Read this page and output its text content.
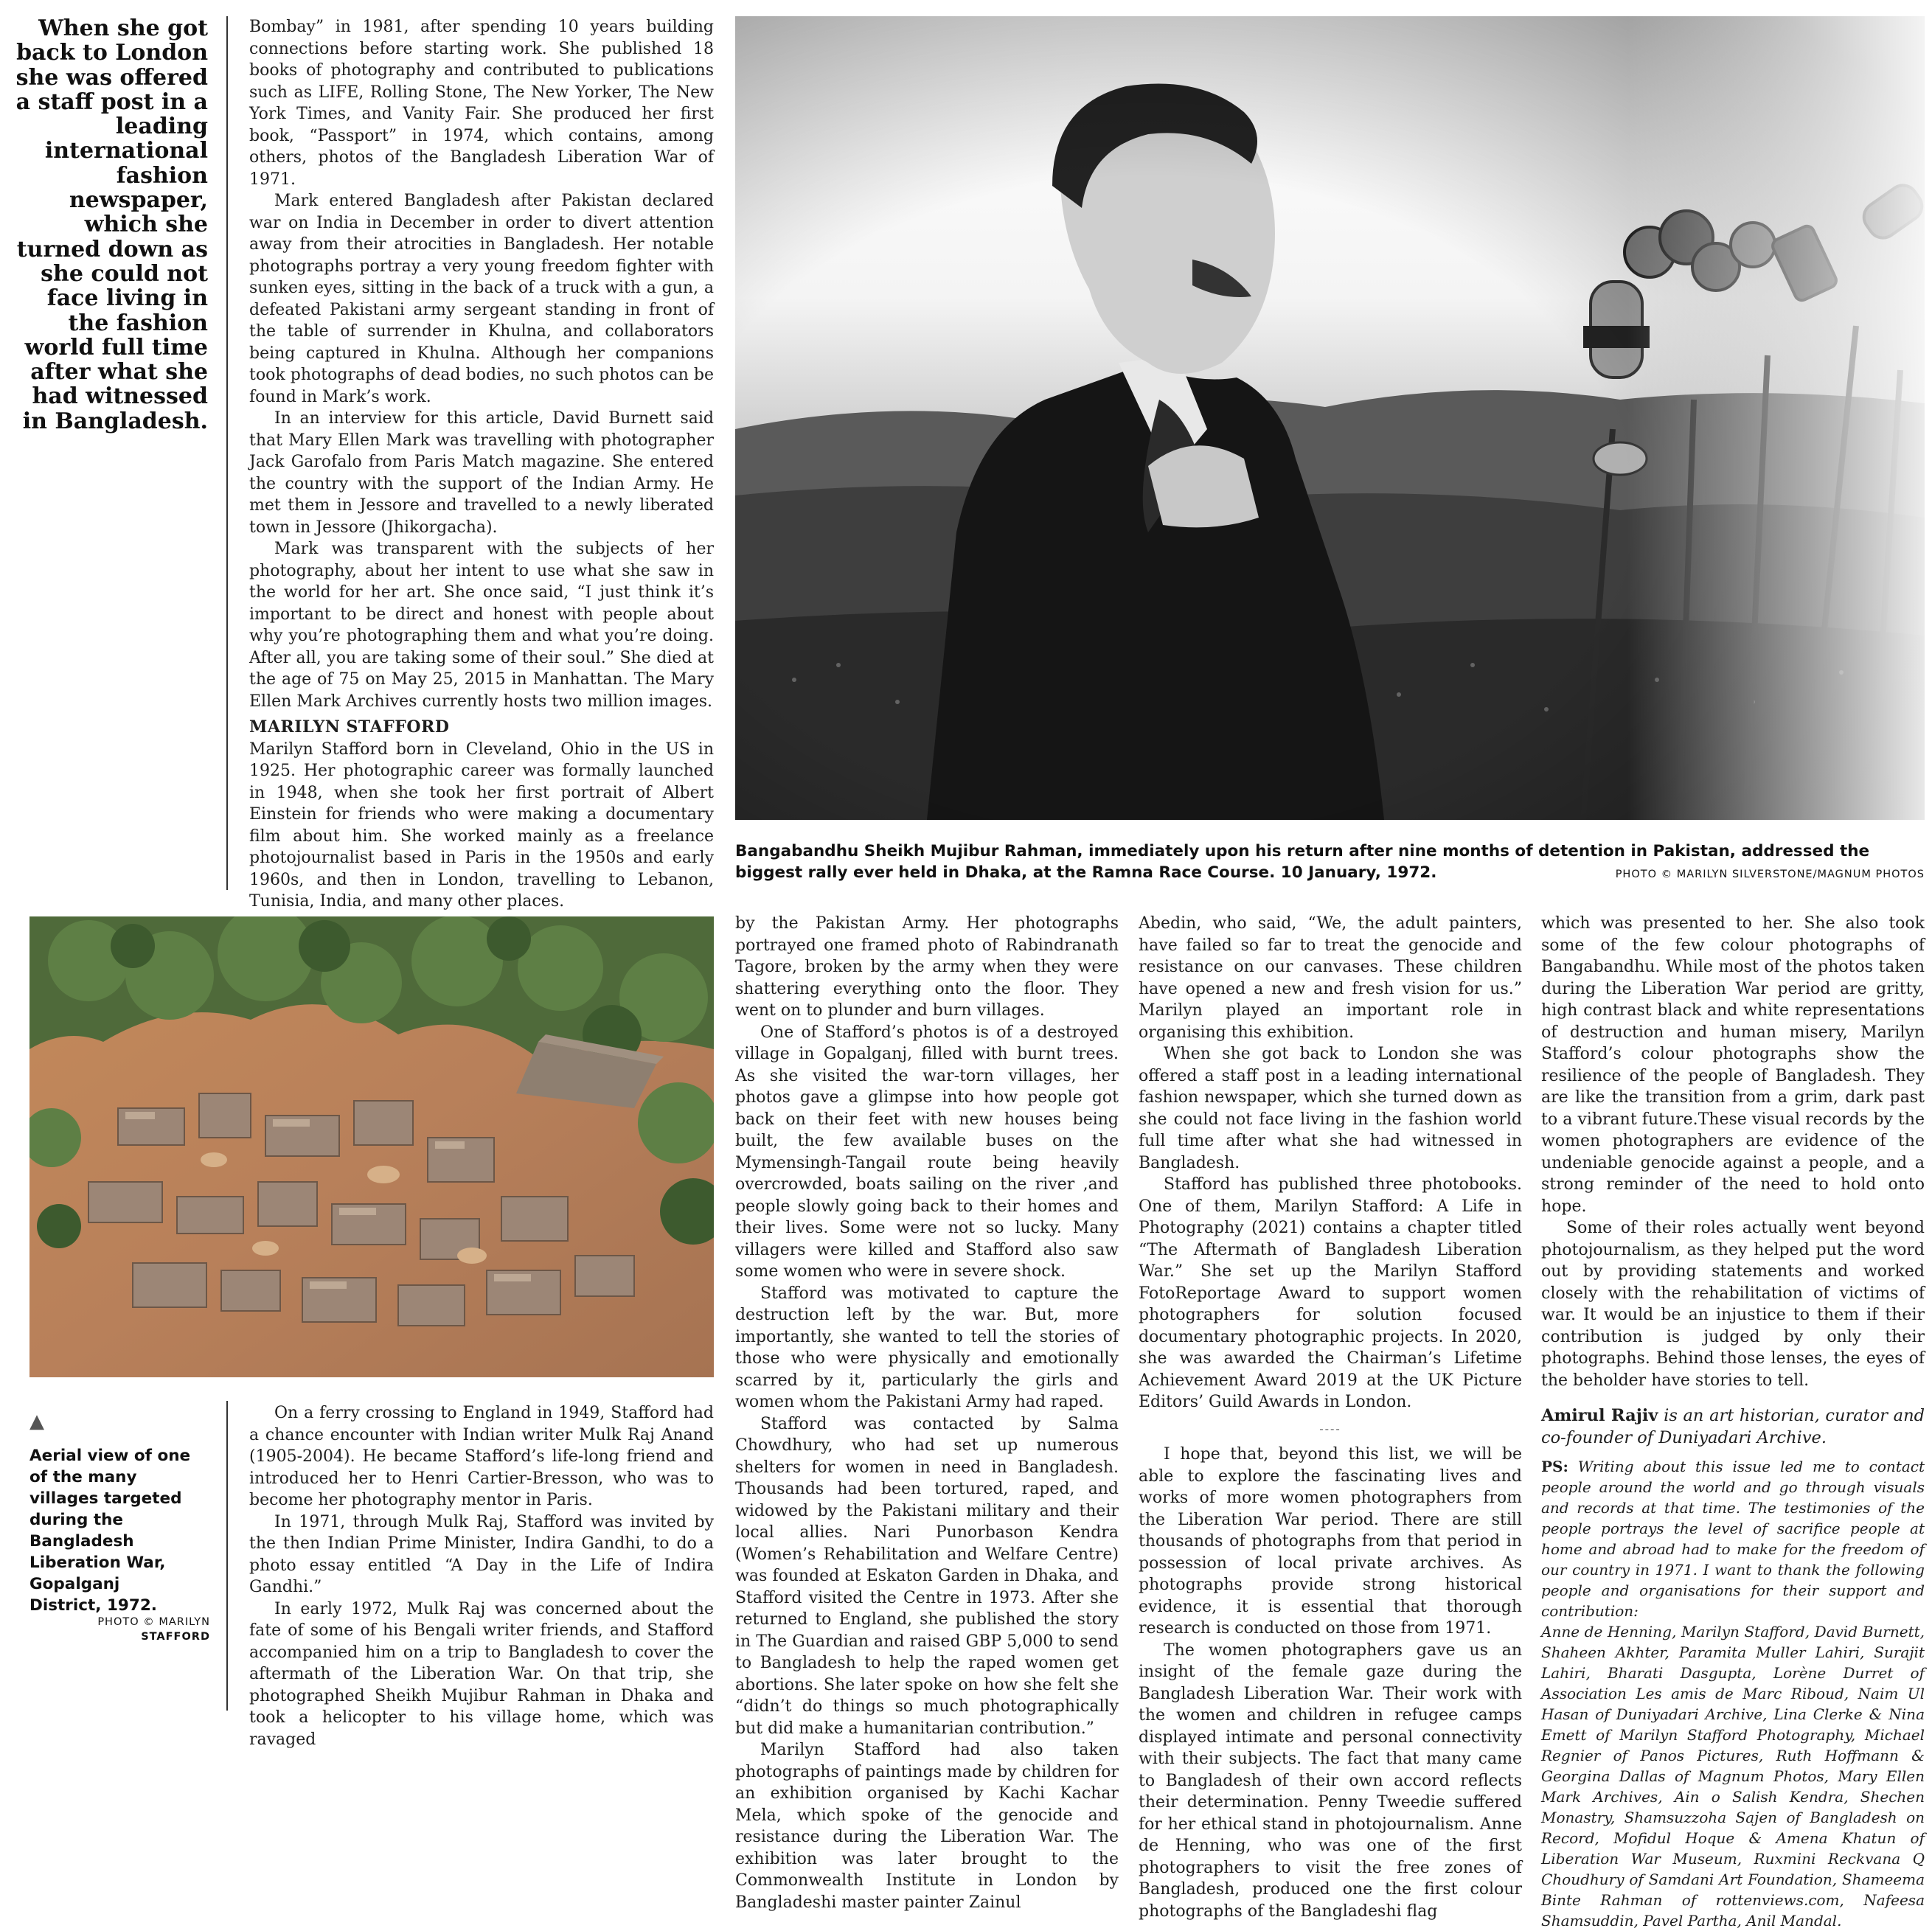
When she got back to London she was offered a staff post in a leading international fashion newspaper, which she turned down as she could not face living in the fashion world full time after what she had witnessed in Bangladesh.

Bombay” in 1981, after spending 10 years building connections before starting work. She published 18 books of photography and contributed to publications such as LIFE, Rolling Stone, The New Yorker, The New York Times, and Vanity Fair. She produced her first book, “Passport” in 1974, which contains, among others, photos of the Bangladesh Liberation War of 1971.

Mark entered Bangladesh after Pakistan declared war on India in December in order to divert attention away from their atrocities in Bangladesh. Her notable photographs portray a very young freedom fighter with sunken eyes, sitting in the back of a truck with a gun, a defeated Pakistani army sergeant standing in front of the table of surrender in Khulna, and collaborators being captured in Khulna. Although her companions took photographs of dead bodies, no such photos can be found in Mark’s work.

In an interview for this article, David Burnett said that Mary Ellen Mark was travelling with photographer Jack Garofalo from Paris Match magazine. She entered the country with the support of the Indian Army. He met them in Jessore and travelled to a newly liberated town in Jessore (Jhikorgacha).

Mark was transparent with the subjects of her photography, about her intent to use what she saw in the world for her art. She once said, “I just think it’s important to be direct and honest with people about why you’re photographing them and what you’re doing. After all, you are taking some of their soul.” She died at the age of 75 on May 25, 2015 in Manhattan. The Mary Ellen Mark Archives currently hosts two million images.

MARILYN STAFFORD

Marilyn Stafford born in Cleveland, Ohio in the US in 1925. Her photographic career was formally launched in 1948, when she took her first portrait of Albert Einstein for friends who were making a documentary film about him. She worked mainly as a freelance photojournalist based in Paris in the 1950s and early 1960s, and then in London, travelling to Lebanon, Tunisia, India, and many other places.

Bangabandhu Sheikh Mujibur Rahman, immediately upon his return after nine months of detention in Pakistan, addressed the biggest rally ever held in Dhaka, at the Ramna Race Course. 10 January, 1972.	PHOTO © MARILYN SILVERSTONE/MAGNUM PHOTOS
▲
Aerial view of one of the many villages targeted during the Bangladesh Liberation War, Gopalganj District, 1972.
PHOTO © MARILYN
STAFFORD

On a ferry crossing to England in 1949, Stafford had a chance encounter with Indian writer Mulk Raj Anand (1905-2004). He became Stafford’s life-long friend and introduced her to Henri Cartier-Bresson, who was to become her photography mentor in Paris.

In 1971, through Mulk Raj, Stafford was invited by the then Indian Prime Minister, Indira Gandhi, to do a photo essay entitled “A Day in the Life of Indira Gandhi.”

In early 1972, Mulk Raj was concerned about the fate of some of his Bengali writer friends, and Stafford accompanied him on a trip to Bangladesh to cover the aftermath of the Liberation War. On that trip, she photographed Sheikh Mujibur Rahman in Dhaka and took a helicopter to his village home, which was ravaged

by the Pakistan Army. Her photographs portrayed one framed photo of Rabindranath Tagore, broken by the army when they were shattering everything onto the floor. They went on to plunder and burn villages.

One of Stafford’s photos is of a destroyed village in Gopalganj, filled with burnt trees. As she visited the war-torn villages, her photos gave a glimpse into how people got back on their feet with new houses being built, the few available buses on the Mymensingh-Tangail route being heavily overcrowded, boats sailing on the river ,and people slowly going back to their homes and their lives. Some were not so lucky. Many villagers were killed and Stafford also saw some women who were in severe shock.

Stafford was motivated to capture the destruction left by the war. But, more importantly, she wanted to tell the stories of those who were physically and emotionally scarred by it, particularly the girls and women whom the Pakistani Army had raped.

Stafford was contacted by Salma Chowdhury, who had set up numerous shelters for women in need in Bangladesh. Thousands had been tortured, raped, and widowed by the Pakistani military and their local allies. Nari Punorbason Kendra (Women’s Rehabilitation and Welfare Centre) was founded at Eskaton Garden in Dhaka, and Stafford visited the Centre in 1973. After she returned to England, she published the story in The Guardian and raised GBP 5,000 to send to Bangladesh to help the raped women get abortions. She later spoke on how she felt she “didn’t do things so much photographically but did make a humanitarian contribution.”

Marilyn Stafford had also taken photographs of paintings made by children for an exhibition organised by Kachi Kachar Mela, which spoke of the genocide and resistance during the Liberation War. The exhibition was later brought to the Commonwealth Institute in London by Bangladeshi master painter Zainul

Abedin, who said, “We, the adult painters, have failed so far to treat the genocide and resistance on our canvases. These children have opened a new and fresh vision for us.” Marilyn played an important role in organising this exhibition.

When she got back to London she was offered a staff post in a leading international fashion newspaper, which she turned down as she could not face living in the fashion world full time after what she had witnessed in Bangladesh.

Stafford has published three photobooks. One of them, Marilyn Stafford: A Life in Photography (2021) contains a chapter titled “The Aftermath of Bangladesh Liberation War.” She set up the Marilyn Stafford FotoReportage Award to support women photographers for solution focused documentary photographic projects. In 2020, she was awarded the Chairman’s Lifetime Achievement Award 2019 at the UK Picture Editors’ Guild Awards in London.

----

I hope that, beyond this list, we will be able to explore the fascinating lives and works of more women photographers from the Liberation War period. There are still thousands of photographs from that period in possession of local private archives. As photographs provide strong historical evidence, it is essential that thorough research is conducted on those from 1971.

The women photographers gave us an insight of the female gaze during the Bangladesh Liberation War. Their work with the women and children in refugee camps displayed intimate and personal connectivity with their subjects. The fact that many came to Bangladesh of their own accord reflects their determination. Penny Tweedie suffered for her ethical stand in photojournalism. Anne de Henning, who was one of the first photographers to visit the free zones of Bangladesh, produced one the first colour photographs of the Bangladeshi flag

which was presented to her. She also took some of the few colour photographs of Bangabandhu. While most of the photos taken during the Liberation War period are gritty, high contrast black and white representations of destruction and human misery, Marilyn Stafford’s colour photographs show the resilience of the people of Bangladesh. They are like the transition from a grim, dark past to a vibrant future.These visual records by the women photographers are evidence of the undeniable genocide against a people, and a strong reminder of the need to hold onto hope.

Some of their roles actually went beyond photojournalism, as they helped put the word out by providing statements and worked closely with the rehabilitation of victims of war. It would be an injustice to them if their contribution is judged by only their photographs. Behind those lenses, the eyes of the beholder have stories to tell.

Amirul Rajiv is an art historian, curator and co-founder of Duniyadari Archive.
PS: Writing about this issue led me to contact people around the world and go through visuals and records at that time. The testimonies of the people portrays the level of sacrifice people at home and abroad had to make for the freedom of our country in 1971. I want to thank the following people and organisations for their support and contribution:
Anne de Henning, Marilyn Stafford, David Burnett, Shaheen Akhter, Paramita Muller Lahiri, Surajit Lahiri, Bharati Dasgupta, Lorène Durret of Association Les amis de Marc Riboud, Naim Ul Hasan of Duniyadari Archive, Lina Clerke & Nina Emett of Marilyn Stafford Photography, Michael Regnier of Panos Pictures, Ruth Hoffmann & Georgina Dallas of Magnum Photos, Mary Ellen Mark Archives, Ain o Salish Kendra, Shechen Monastry, Shamsuzzoha Sajen of Bangladesh on Record, Mofidul Hoque & Amena Khatun of Liberation War Museum, Ruxmini Reckvana Q Choudhury of Samdani Art Foundation, Shameema Binte Rahman of rottenviews.com, Nafeesa Shamsuddin, Pavel Partha, Anil Mandal.
